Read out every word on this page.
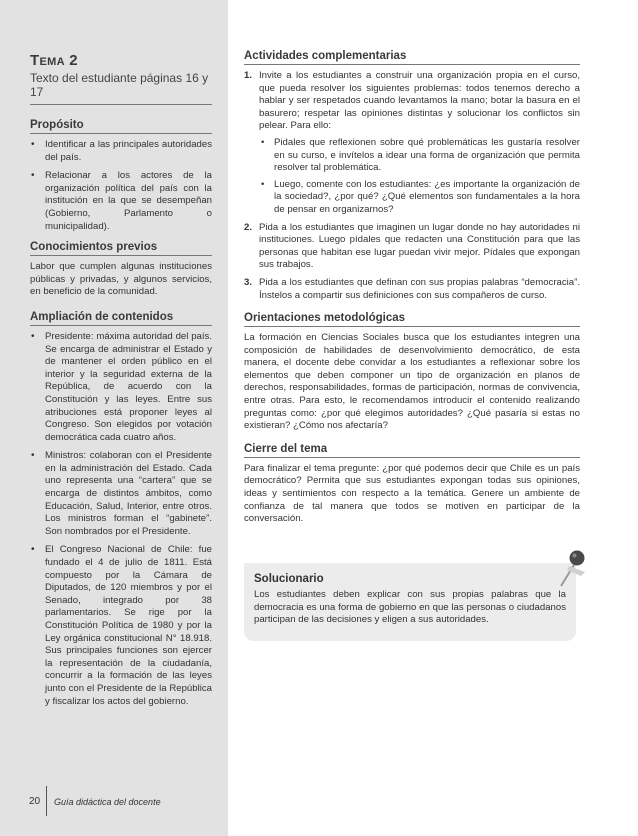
Tema 2

Texto del estudiante páginas 16 y 17

Propósito
• Identificar a las principales autoridades del país.
• Relacionar a los actores de la organización política del país con la institución en la que se desempeñan (Gobierno, Parlamento o municipalidad).
Conocimientos previos

Labor que cumplen algunas instituciones públicas y privadas, y algunos servicios, en beneficio de la comunidad.

Ampliación de contenidos
• Presidente: máxima autoridad del país. Se encarga de administrar el Estado y de mantener el orden público en el interior y la seguridad externa de la República, de acuerdo con la Constitución y las leyes. Entre sus atribuciones está proponer leyes al Congreso. Son elegidos por votación democrática cada cuatro años.
• Ministros: colaboran con el Presidente en la administración del Estado. Cada uno representa una “cartera” que se encarga de distintos ámbitos, como Educación, Salud, Interior, entre otros. Los ministros forman el “gabinete”. Son nombrados por el Presidente.
• El Congreso Nacional de Chile: fue fundado el 4 de julio de 1811. Está compuesto por la Cámara de Diputados, de 120 miembros y por el Senado, integrado por 38 parlamentarios. Se rige por la Constitución Política de 1980 y por la Ley orgánica constitucional N° 18.918. Sus principales funciones son ejercer la representación de la ciudadanía, concurrir a la formación de las leyes junto con el Presidente de la República y fiscalizar los actos del gobierno.
Actividades complementarias
1. Invite a los estudiantes a construir una organización propia en el curso, que pueda resolver los siguientes problemas: todos tenemos derecho a hablar y ser respetados cuando levantamos la mano; botar la basura en el basurero; respetar las opiniones distintas y solucionar los conflictos sin pelear. Para ello:
• Pidales que reflexionen sobre qué problemáticas les gustaría resolver en su curso, e invítelos a idear una forma de organización que permita resolver tal problemática.
• Luego, comente con los estudiantes: ¿es importante la organización de la sociedad?, ¿por qué? ¿Qué elementos son fundamentales a la hora de pensar en organizarnos?
2. Pida a los estudiantes que imaginen un lugar donde no hay autoridades ni instituciones. Luego pídales que redacten una Constitución para que las personas que habitan ese lugar puedan vivir mejor. Pídales que expongan sus trabajos.
3. Pida a los estudiantes que definan con sus propias palabras “democracia”. Ínstelos a compartir sus definiciones con sus compañeros de curso.
Orientaciones metodológicas

La formación en Ciencias Sociales busca que los estudiantes integren una composición de habilidades de desenvolvimiento democrático, de esta manera, el docente debe convidar a los estudiantes a reflexionar sobre los elementos que deben componer un tipo de organización en planos de derechos, responsabilidades, formas de participación, normas de convivencia, entre otras. Para esto, le recomendamos introducir el contenido realizando preguntas como: ¿por qué elegimos autoridades? ¿Qué pasaría si estas no existieran? ¿Cómo nos afectaría?

Cierre del tema

Para finalizar el tema pregunte: ¿por qué podemos decir que Chile es un país democrático? Permita que sus estudiantes expongan todas sus opiniones, ideas y sentimientos con respecto a la temática. Genere un ambiente de confianza de tal manera que todos se motiven en participar de la conversación.

Solucionario

Los estudiantes deben explicar con sus propias palabras que la democracia es una forma de gobierno en que las personas o ciudadanos participan de las decisiones y eligen a sus autoridades.

20 Guía didáctica del docente
